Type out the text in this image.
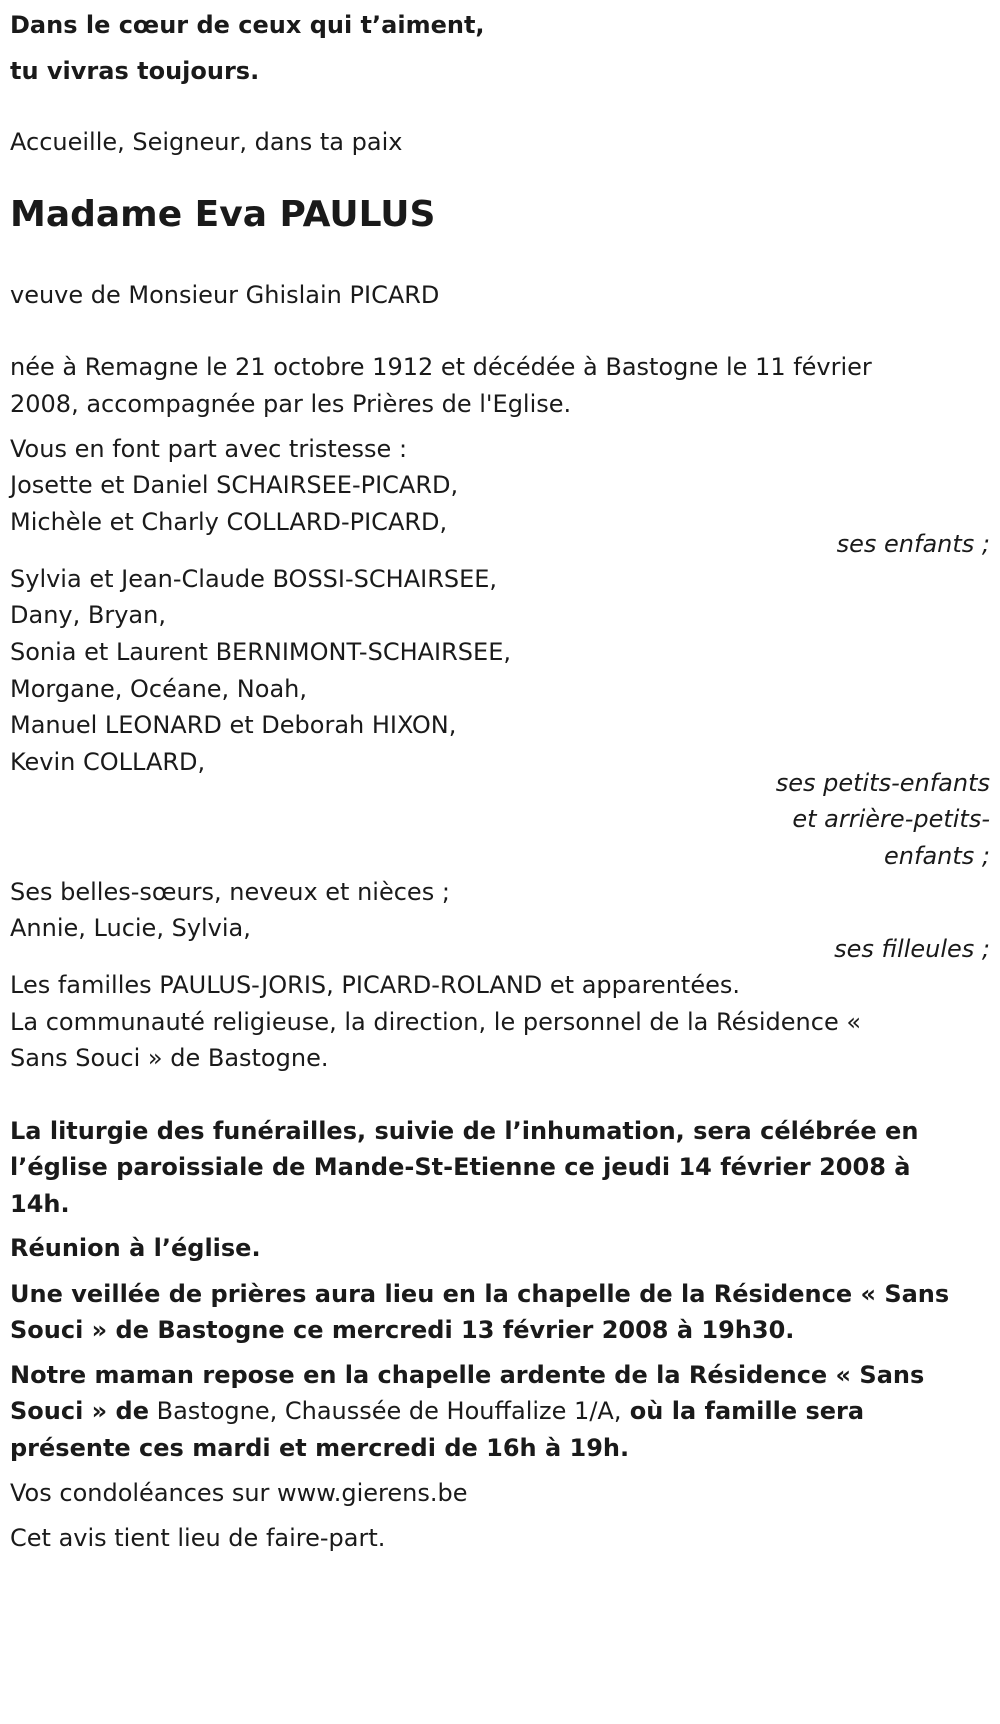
Dans le cœur de ceux qui t’aiment,
tu vivras toujours.
Accueille, Seigneur, dans ta paix
Madame Eva PAULUS
veuve de Monsieur Ghislain PICARD
née à Remagne le 21 octobre 1912 et décédée à Bastogne le 11 février
2008, accompagnée par les Prières de l'Eglise.
Vous en font part avec tristesse :
Josette et Daniel SCHAIRSEE-PICARD,
Michèle et Charly COLLARD-PICARD,
ses enfants ;
Sylvia et Jean-Claude BOSSI-SCHAIRSEE,
Dany, Bryan,
Sonia et Laurent BERNIMONT-SCHAIRSEE,
Morgane, Océane, Noah,
Manuel LEONARD et Deborah HIXON,
Kevin COLLARD,
ses petits-enfants
et arrière-petits-
enfants ;
Ses belles-sœurs, neveux et nièces ;
Annie, Lucie, Sylvia,
ses filleules ;
Les familles PAULUS-JORIS, PICARD-ROLAND et apparentées.
La communauté religieuse, la direction, le personnel de la Résidence «
Sans Souci » de Bastogne.
La liturgie des funérailles, suivie de l’inhumation, sera célébrée en
l’église paroissiale de Mande-St-Etienne ce jeudi 14 février 2008 à
14h.
Réunion à l’église.
Une veillée de prières aura lieu en la chapelle de la Résidence « Sans
Souci » de Bastogne ce mercredi 13 février 2008 à 19h30.
Notre maman repose en la chapelle ardente de la Résidence « Sans
Souci » de Bastogne, Chaussée de Houffalize 1/A, où la famille sera
présente ces mardi et mercredi de 16h à 19h.
Vos condoléances sur www.gierens.be
Cet avis tient lieu de faire-part.
